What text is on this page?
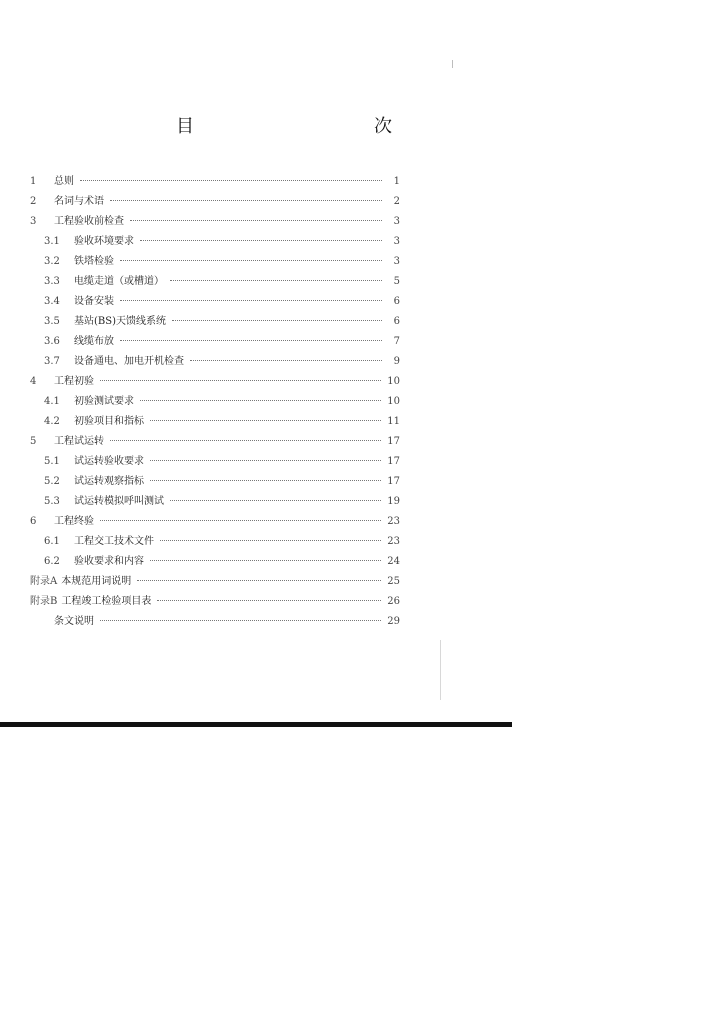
目　　次
1	总则	1
2	名词与术语	2
3	工程验收前检查	3
3.1	验收环境要求	3
3.2	铁塔检验	3
3.3	电缆走道（或槽道）	5
3.4	设备安装	6
3.5	基站(BS)天馈线系统	6
3.6	线缆布放	7
3.7	设备通电、加电开机检查	9
4	工程初验	10
4.1	初验测试要求	10
4.2	初验项目和指标	11
5	工程试运转	17
5.1	试运转验收要求	17
5.2	试运转观察指标	17
5.3	试运转模拟呼叫测试	19
6	工程终验	23
6.1	工程交工技术文件	23
6.2	验收要求和内容	24
附录A 本规范用词说明	25
附录B 工程竣工检验项目表	26
条文说明	29
